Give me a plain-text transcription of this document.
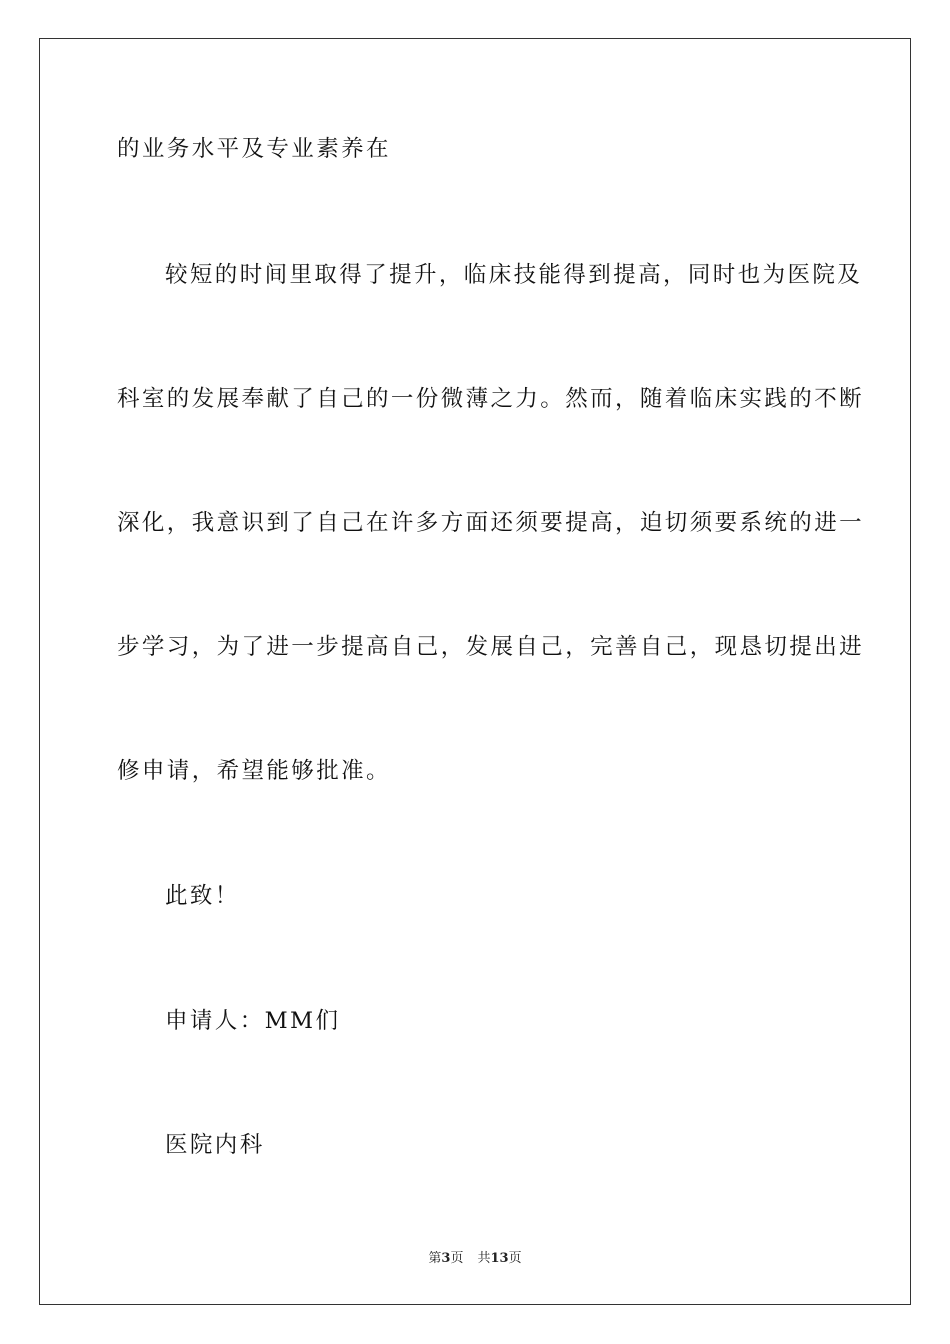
的业务水平及专业素养在
较短的时间里取得了提升，临床技能得到提高，同时也为医院及
科室的发展奉献了自己的一份微薄之力。然而，随着临床实践的不断
深化，我意识到了自己在许多方面还须要提高，迫切须要系统的进一
步学习，为了进一步提高自己，发展自己，完善自己，现恳切提出进
修申请，希望能够批准。
此致！
申请人：MM们
医院内科
第3页 共13页
